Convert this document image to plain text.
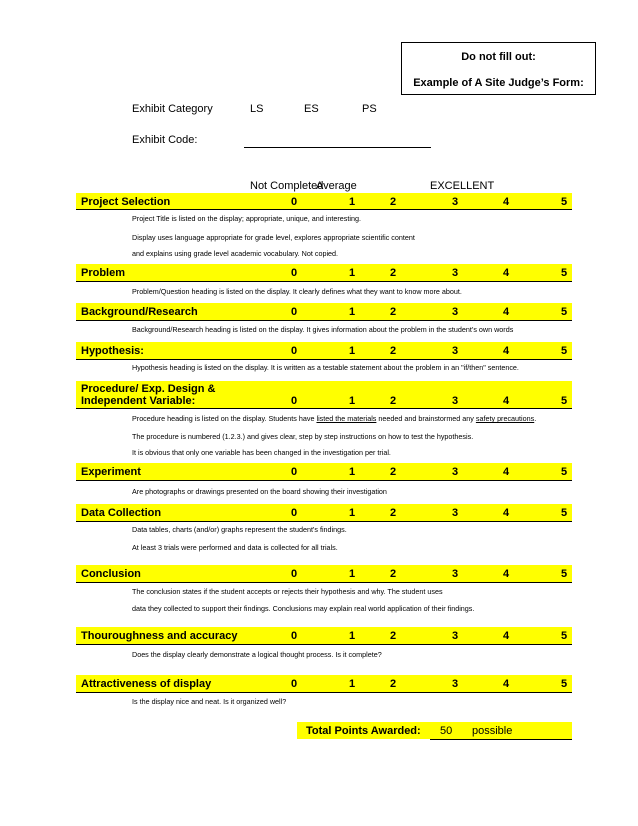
Do not fill out:
Example of A Site Judge’s Form:
Exhibit Category	LS	ES	PS
Exhibit Code:
Not Completed
Average	EXCELLENT
Project Selection	0	1	2	3	4	5
Project Title is listed on the display; appropriate, unique, and interesting.
Display uses language appropriate for grade level, explores appropriate scientific content
and explains using grade level academic vocabulary. Not copied.
Problem	0	1	2	3	4	5
Problem/Question heading is listed on the display. It clearly defines what they want to know more about.
Background/Research	0	1	2	3	4	5
Background/Research heading is listed on the display. It gives information about the problem in the student’s own words
Hypothesis:	0	1	2	3	4	5
Hypothesis heading is listed on the display. It is written as a testable statement about the problem in an "if/then" sentence.
Procedure/ Exp. Design &
Independent Variable:	0	1	2	3	4	5
Procedure heading is listed on the display. Students have listed the materials needed and brainstormed any safety precautions.
The procedure is numbered (1.2.3.) and gives clear, step by step instructions on how to test the hypothesis.
It is obvious that only one variable has been changed in the investigation per trial.
Experiment	0	1	2	3	4	5
Are photographs or drawings presented on the board showing their investigation
Data Collection	0	1	2	3	4	5
Data tables, charts (and/or) graphs represent the student's findings.
At least 3 trials were performed and data is collected for all trials.
Conclusion	0	1	2	3	4	5
The conclusion states if the student accepts or rejects their hypothesis and why. The student uses
data they collected to support their findings. Conclusions may explain real world application of their findings.
Thouroughness and accuracy	0	1	2	3	4	5
Does the display clearly demonstrate a logical thought process. Is it complete?
Attractiveness of display	0	1	2	3	4	5
Is the display nice and neat. Is it organized well?
Total Points Awarded: 50 possible
